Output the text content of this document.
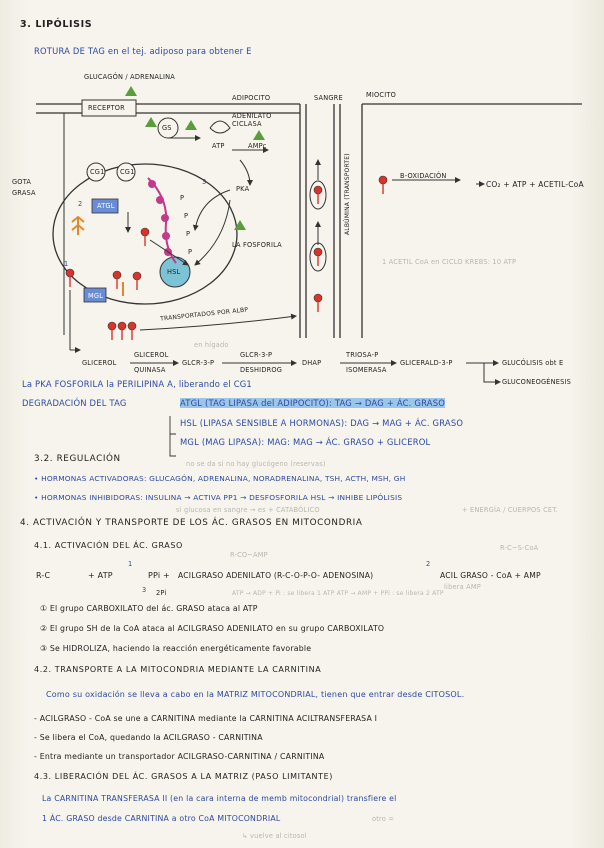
3. LIPÓLISIS
ROTURA DE TAG en el tej. adiposo para obtener E
GLUCAGÓN / ADRENALINA
RECEPTOR
ADIPOCITO	SANGRE	MIOCITO
GS
ADENILATO CICLASA
ATP	AMPc
3
PKA
GOTA GRASA
CG1 CG1
2 ATGL
1
HSL
MGL
P
P
P
P
LA FOSFORILA
ALBÚMINA (TRANSPORTE)	B-OXIDACIÓN
CO₂ + ATP + ACETIL-CoA
1 ACETIL CoA en CICLO KREBS: 10 ATP
TRANSPORTADOS POR ALBP
en hígado
GLICEROL
GLICEROL
QUINASA
GLCR-3-P
GLCR-3-P
DESHIDROG
DHAP
TRIOSA-P
ISOMERASA
GLICERALD-3-P	GLUCÓLISIS obt E
GLUCONEOGÉNESIS
La PKA FOSFORILA la PERILIPINA A, liberando el CG1
DEGRADACIÓN DEL TAG	ATGL (TAG LIPASA del ADIPOCITO): TAG → DAG + ÁC. GRASO
HSL (LIPASA SENSIBLE A HORMONAS): DAG → MAG + ÁC. GRASO
MGL (MAG LIPASA): MAG: MAG → ÁC. GRASO + GLICEROL
3.2. REGULACIÓN	no se da si no hay glucógeno (reservas)
• HORMONAS ACTIVADORAS: GLUCAGÓN, ADRENALINA, NORADRENALINA, TSH, ACTH, MSH, GH
• HORMONAS INHIBIDORAS: INSULINA → ACTIVA PP1 → DESFOSFORILA HSL → INHIBE LIPÓLISIS
si glucosa en sangre → es + CATABÓLICO	+ ENERGÍA / CUERPOS CET.
4. ACTIVACIÓN Y TRANSPORTE DE LOS ÁC. GRASOS EN MITOCONDRIA
4.1. ACTIVACIÓN DEL ÁC. GRASO
R-CO~AMP
R-C~S-CoA
R-C	+ ATP
1
PPi + ACILGRASO ADENILATO (R-C-O-P-O- ADENOSINA)
2
ACIL GRASO - CoA + AMP
3 2Pi
libera AMP
ATP → ADP + Pi : se libera 1 ATP ATP → AMP + PPi : se libera 2 ATP
① El grupo CARBOXILATO del ác. GRASO ataca al ATP
② El grupo SH de la CoA ataca al ACILGRASO ADENILATO en su grupo CARBOXILATO
③ Se HIDROLIZA, haciendo la reacción energéticamente favorable
4.2. TRANSPORTE A LA MITOCONDRIA MEDIANTE LA CARNITINA
Como su oxidación se lleva a cabo en la MATRIZ MITOCONDRIAL, tienen que entrar desde CITOSOL.
- ACILGRASO - CoA se une a CARNITINA mediante la CARNITINA ACILTRANSFERASA I
- Se libera el CoA, quedando la ACILGRASO - CARNITINA
- Entra mediante un transportador ACILGRASO-CARNITINA / CARNITINA
4.3. LIBERACIÓN DEL ÁC. GRASOS A LA MATRIZ (PASO LIMITANTE)
La CARNITINA TRANSFERASA II (en la cara interna de memb mitocondrial) transfiere el
1 ÁC. GRASO desde CARNITINA a otro CoA MITOCONDRIAL	otro =
↳ vuelve al citosol
